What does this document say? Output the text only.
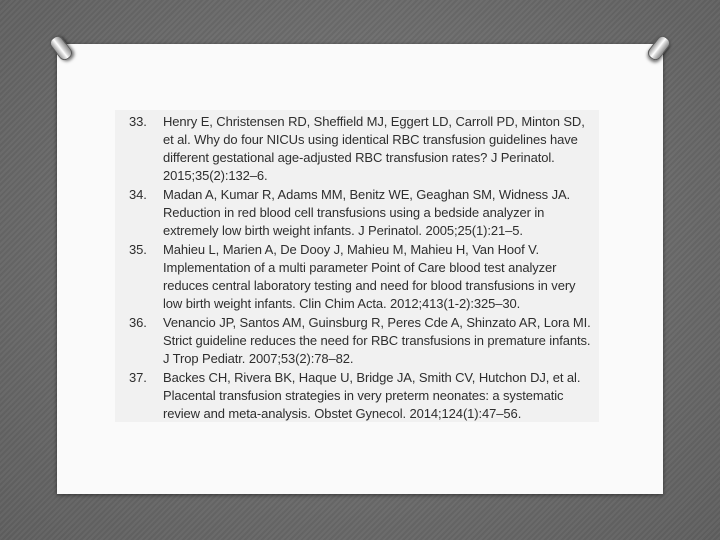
33.	Henry E, Christensen RD, Sheffield MJ, Eggert LD, Carroll PD, Minton SD, et al. Why do four NICUs using identical RBC transfusion guidelines have different gestational age-adjusted RBC transfusion rates? J Perinatol. 2015;35(2):132–6.
34.	Madan A, Kumar R, Adams MM, Benitz WE, Geaghan SM, Widness JA. Reduction in red blood cell transfusions using a bedside analyzer in extremely low birth weight infants. J Perinatol. 2005;25(1):21–5.
35.	Mahieu L, Marien A, De Dooy J, Mahieu M, Mahieu H, Van Hoof V. Implementation of a multi parameter Point of Care blood test analyzer reduces central laboratory testing and need for blood transfusions in very low birth weight infants. Clin Chim Acta. 2012;413(1-2):325–30.
36.	Venancio JP, Santos AM, Guinsburg R, Peres Cde A, Shinzato AR, Lora MI. Strict guideline reduces the need for RBC transfusions in premature infants. J Trop Pediatr. 2007;53(2):78–82.
37.	Backes CH, Rivera BK, Haque U, Bridge JA, Smith CV, Hutchon DJ, et al. Placental transfusion strategies in very preterm neonates: a systematic review and meta-analysis. Obstet Gynecol. 2014;124(1):47–56.
